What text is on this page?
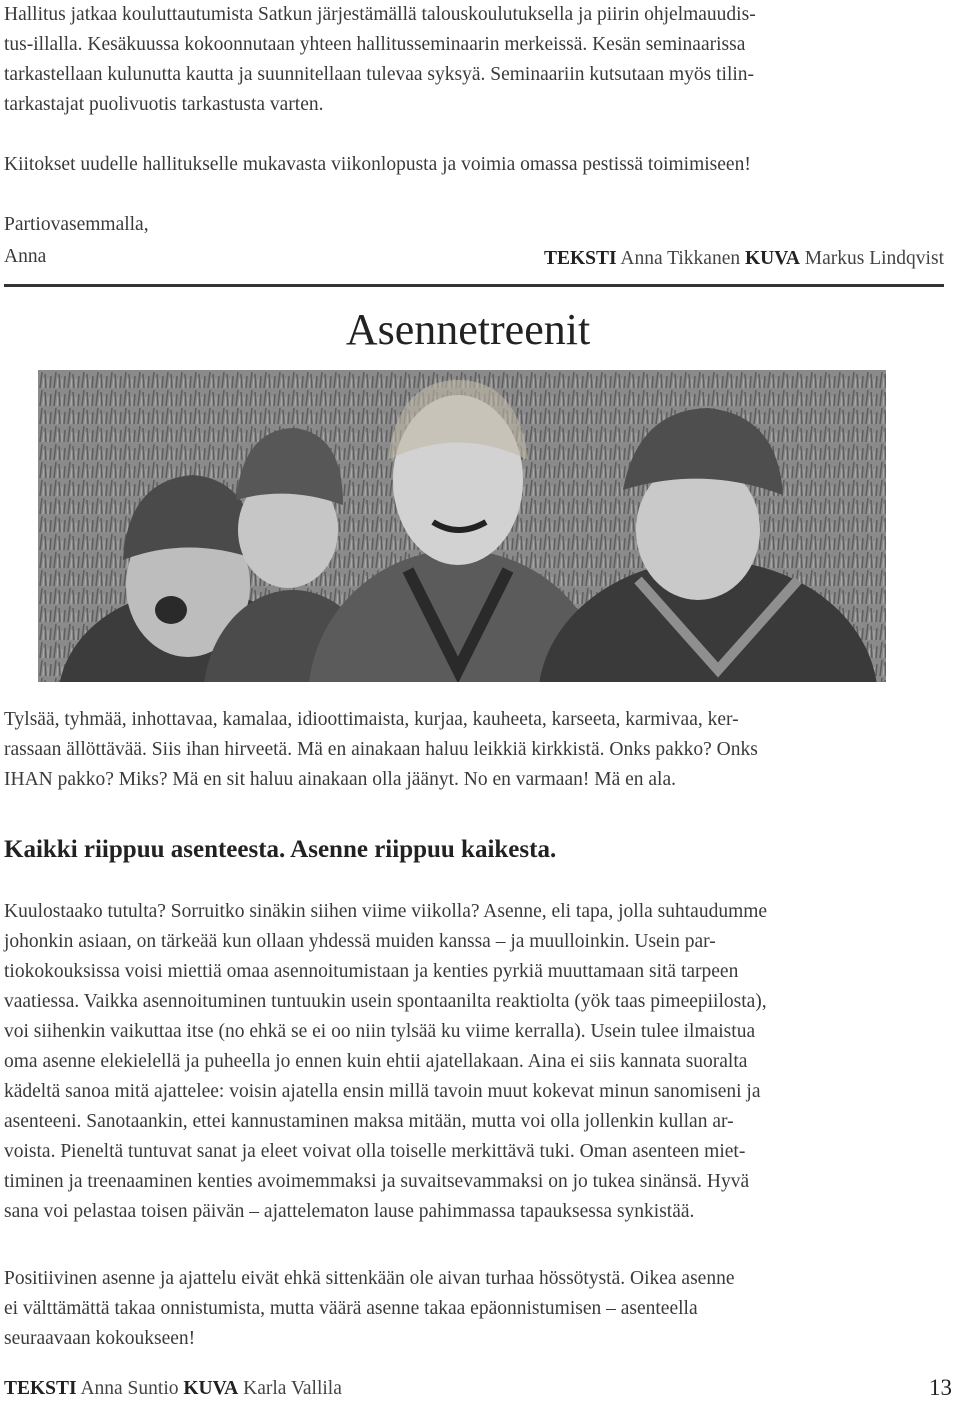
Hallitus jatkaa kouluttautumista Satkun järjestämällä talouskoulutuksella ja piirin ohjelmauudis-
tus-illalla. Kesäkuussa kokoonnutaan yhteen hallitusseminaarin merkeissä. Kesän seminaarissa
tarkastellaan kulunutta kautta ja suunnitellaan tulevaa syksyä. Seminaariin kutsutaan myös tilin-
tarkastajat puolivuotis tarkastusta varten.
Kiitokset uudelle hallitukselle mukavasta viikonlopusta ja voimia omassa pestissä toimimiseen!
Partiovasemmalla,
Anna	TEKSTI Anna Tikkanen KUVA Markus Lindqvist
Asennetreenit
Tylsää, tyhmää, inhottavaa, kamalaa, idioottimaista, kurjaa, kauheeta, karseeta, karmivaa, ker-
rassaan ällöttävää. Siis ihan hirveetä. Mä en ainakaan haluu leikkiä kirkkistä. Onks pakko? Onks
IHAN pakko? Miks? Mä en sit haluu ainakaan olla jäänyt. No en varmaan! Mä en ala.
Kaikki riippuu asenteesta. Asenne riippuu kaikesta.
Kuulostaako tutulta? Sorruitko sinäkin siihen viime viikolla? Asenne, eli tapa, jolla suhtaudumme
johonkin asiaan, on tärkeää kun ollaan yhdessä muiden kanssa – ja muulloinkin. Usein par-
tiokokouksissa voisi miettiä omaa asennoitumistaan ja kenties pyrkiä muuttamaan sitä tarpeen
vaatiessa. Vaikka asennoituminen tuntuukin usein spontaanilta reaktiolta (yök taas pimeepiilosta),
voi siihenkin vaikuttaa itse (no ehkä se ei oo niin tylsää ku viime kerralla). Usein tulee ilmaistua
oma asenne elekielellä ja puheella jo ennen kuin ehtii ajatellakaan. Aina ei siis kannata suoralta
kädeltä sanoa mitä ajattelee: voisin ajatella ensin millä tavoin muut kokevat minun sanomiseni ja
asenteeni. Sanotaankin, ettei kannustaminen maksa mitään, mutta voi olla jollenkin kullan ar-
voista. Pieneltä tuntuvat sanat ja eleet voivat olla toiselle merkittävä tuki. Oman asenteen miet-
timinen ja treenaaminen kenties avoimemmaksi ja suvaitsevammaksi on jo tukea sinänsä. Hyvä
sana voi pelastaa toisen päivän – ajattelematon lause pahimmassa tapauksessa synkistää.
Positiivinen asenne ja ajattelu eivät ehkä sittenkään ole aivan turhaa hössötystä. Oikea asenne
ei välttämättä takaa onnistumista, mutta väärä asenne takaa epäonnistumisen – asenteella
seuraavaan kokoukseen!
TEKSTI Anna Suntio KUVA Karla Vallila	13
